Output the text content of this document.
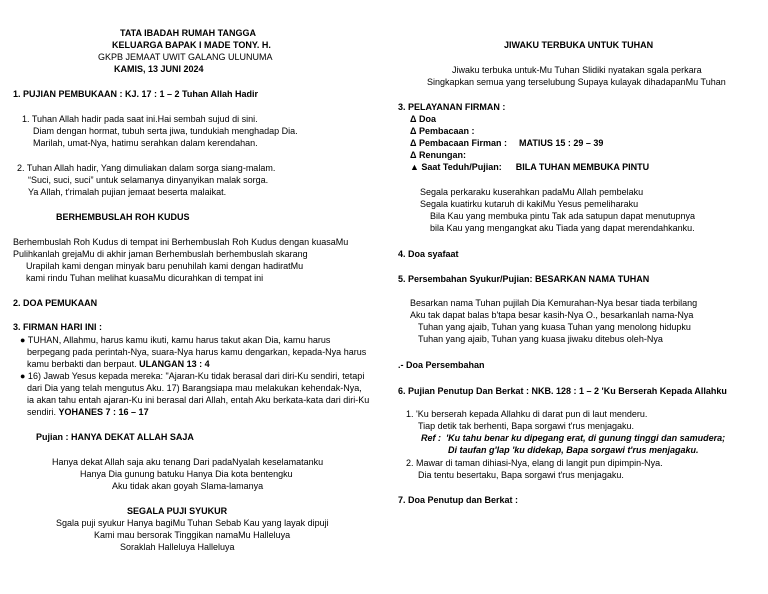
TATA IBADAH RUMAH TANGGA
KELUARGA BAPAK I MADE TONY. H.
GKPB JEMAAT UWIT GALANG ULUNUMA
KAMIS, 13 JUNI 2024
1. PUJIAN PEMBUKAAN : KJ. 17 : 1 – 2 Tuhan Allah Hadir
1. Tuhan Allah hadir pada saat ini.Hai sembah sujud di sini.
Diam dengan hormat, tubuh serta jiwa, tundukiah menghadap Dia.
Marilah, umat-Nya, hatimu serahkan dalam kerendahan.
2. Tuhan Allah hadir, Yang dimuliakan dalam sorga siang-malam.
“Suci, suci, suci” untuk selamanya dinyanyikan malak sorga.
Ya Allah, t'rimalah pujian jemaat beserta malaikat.
BERHEMBUSLAH ROH KUDUS
Berhembuslah Roh Kudus di tempat ini Berhembuslah Roh Kudus dengan kuasaMu
Pulihkanlah grejaMu di akhir jaman Berhembuslah berhembuslah skarang
Urapilah kami dengan minyak baru penuhilah kami dengan hadiratMu
kami rindu Tuhan melihat kuasaMu dicurahkan di tempat ini
2. DOA PEMUKAAN
3. FIRMAN HARI INI :
● TUHAN, Allahmu, harus kamu ikuti, kamu harus takut akan Dia, kamu harus
berpegang pada perintah-Nya, suara-Nya harus kamu dengarkan, kepada-Nya harus
kamu berbakti dan berpaut. ULANGAN 13 : 4
● 16) Jawab Yesus kepada mereka: "Ajaran-Ku tidak berasal dari diri-Ku sendiri, tetapi
dari Dia yang telah mengutus Aku. 17) Barangsiapa mau melakukan kehendak-Nya,
ia akan tahu entah ajaran-Ku ini berasal dari Allah, entah Aku berkata-kata dari diri-Ku
sendiri. YOHANES 7 : 16 – 17
Pujian : HANYA DEKAT ALLAH SAJA
Hanya dekat Allah saja aku tenang Dari padaNyalah keselamatanku
Hanya Dia gunung batuku Hanya Dia kota bentengku
Aku tidak akan goyah Slama-lamanya
SEGALA PUJI SYUKUR
Sgala puji syukur Hanya bagiMu Tuhan Sebab Kau yang layak dipuji
Kami mau bersorak Tinggikan namaMu Halleluya
Soraklah Halleluya Halleluya
JIWAKU TERBUKA UNTUK TUHAN
Jiwaku terbuka untuk-Mu Tuhan Slidiki nyatakan sgala perkara
Singkapkan semua yang terselubung Supaya kulayak dihadapanMu Tuhan
3. PELAYANAN FIRMAN :
Δ Doa
Δ Pembacaan :
Δ Pembacaan Firman : MATIUS 15 : 29 – 39
Δ Renungan:
▲ Saat Teduh/Pujian: BILA TUHAN MEMBUKA PINTU
Segala perkaraku kuserahkan padaMu Allah pembelaku
Segala kuatirku kutaruh di kakiMu Yesus pemeliharaku
Bila Kau yang membuka pintu Tak ada satupun dapat menutupnya
bila Kau yang mengangkat aku Tiada yang dapat merendahkanku.
4. Doa syafaat
5. Persembahan Syukur/Pujian: BESARKAN NAMA TUHAN
Besarkan nama Tuhan pujilah Dia Kemurahan-Nya besar tiada terbilang
Aku tak dapat balas b'tapa besar kasih-Nya O., besarkanlah nama-Nya
Tuhan yang ajaib, Tuhan yang kuasa Tuhan yang menolong hidupku
Tuhan yang ajaib, Tuhan yang kuasa jiwaku ditebus oleh-Nya
.- Doa Persembahan
6. Pujian Penutup Dan Berkat : NKB. 128 : 1 – 2 'Ku Berserah Kepada Allahku
1. 'Ku berserah kepada Allahku di darat pun di laut menderu.
Tiap detik tak berhenti, Bapa sorgawi t'rus menjagaku.
Ref : 'Ku tahu benar ku dipegang erat, di gunung tinggi dan samudera;
Di taufan g'lap 'ku didekap, Bapa sorgawi t'rus menjagaku.
2. Mawar di taman dihiasi-Nya, elang di langit pun dipimpin-Nya.
Dia tentu besertaku, Bapa sorgawi t'rus menjagaku.
7. Doa Penutup dan Berkat :
